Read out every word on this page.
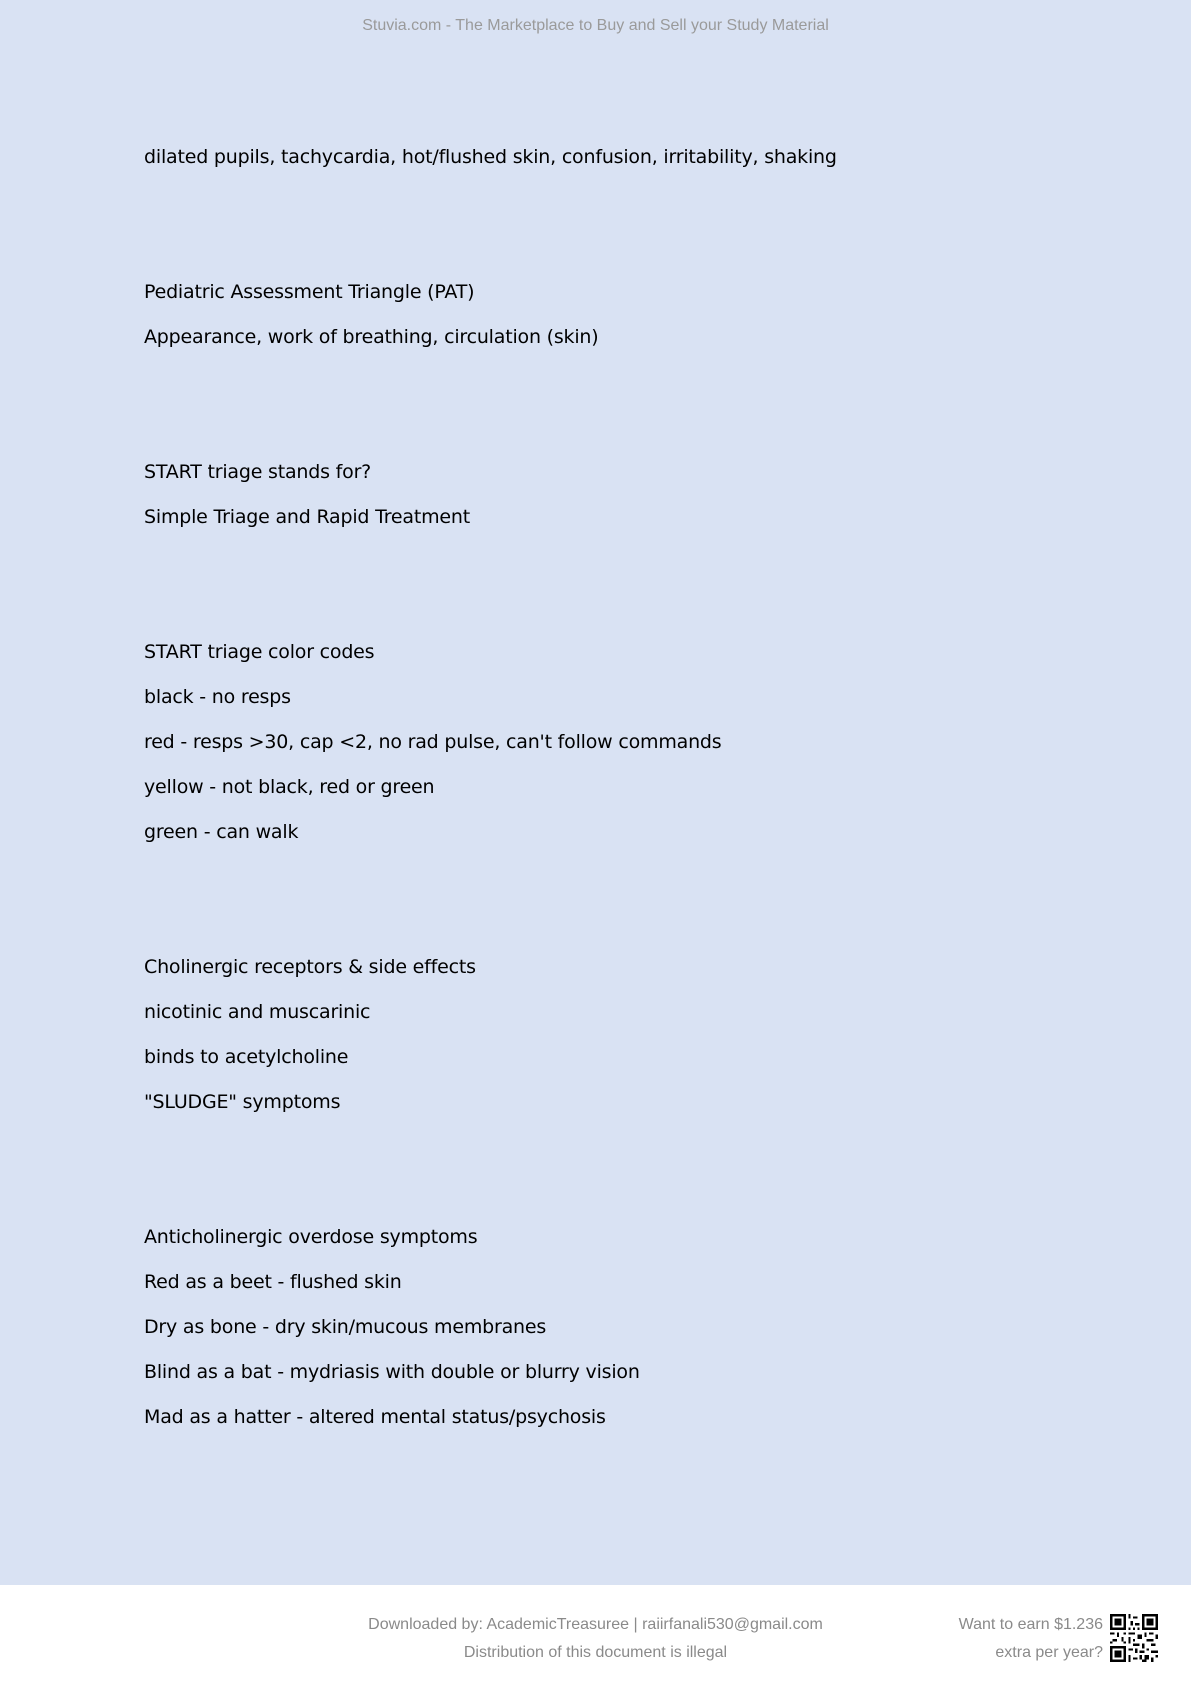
Stuvia.com - The Marketplace to Buy and Sell your Study Material
dilated pupils, tachycardia, hot/flushed skin, confusion, irritability, shaking
Pediatric Assessment Triangle (PAT)
Appearance, work of breathing, circulation (skin)
START triage stands for?
Simple Triage and Rapid Treatment
START triage color codes
black - no resps
red - resps >30, cap <2, no rad pulse, can't follow commands
yellow - not black, red or green
green - can walk
Cholinergic receptors & side effects
nicotinic and muscarinic
binds to acetylcholine
"SLUDGE" symptoms
Anticholinergic overdose symptoms
Red as a beet - flushed skin
Dry as bone - dry skin/mucous membranes
Blind as a bat - mydriasis with double or blurry vision
Mad as a hatter - altered mental status/psychosis
Downloaded by: AcademicTreasuree | raiirfanali530@gmail.com
Distribution of this document is illegal
Want to earn $1.236
extra per year?
